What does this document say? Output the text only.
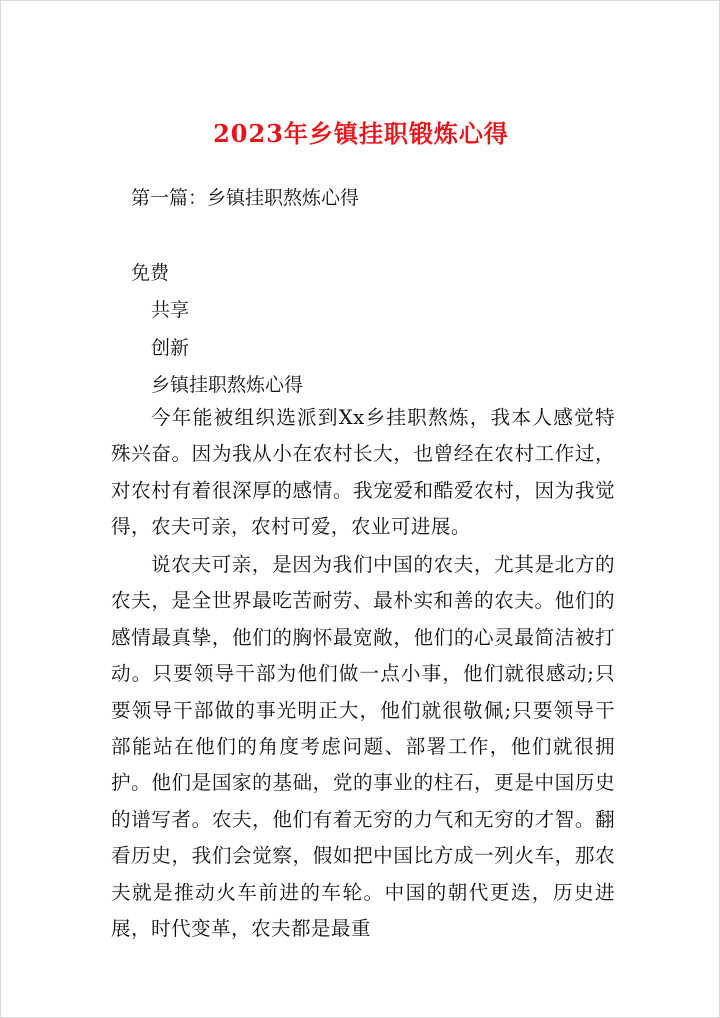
2023年乡镇挂职锻炼心得
第一篇：乡镇挂职熬炼心得
免费
共享
创新
乡镇挂职熬炼心得
今年能被组织选派到Xx乡挂职熬炼，我本人感觉特殊兴奋。因为我从小在农村长大，也曾经在农村工作过，对农村有着很深厚的感情。我宠爱和酷爱农村，因为我觉得，农夫可亲，农村可爱，农业可进展。
说农夫可亲，是因为我们中国的农夫，尤其是北方的农夫，是全世界最吃苦耐劳、最朴实和善的农夫。他们的感情最真挚，他们的胸怀最宽敞，他们的心灵最简洁被打动。只要领导干部为他们做一点小事，他们就很感动;只要领导干部做的事光明正大，他们就很敬佩;只要领导干部能站在他们的角度考虑问题、部署工作，他们就很拥护。他们是国家的基础，党的事业的柱石，更是中国历史的谱写者。农夫，他们有着无穷的力气和无穷的才智。翻看历史，我们会觉察，假如把中国比方成一列火车，那农夫就是推动火车前进的车轮。中国的朝代更迭，历史进展，时代变革，农夫都是最重
